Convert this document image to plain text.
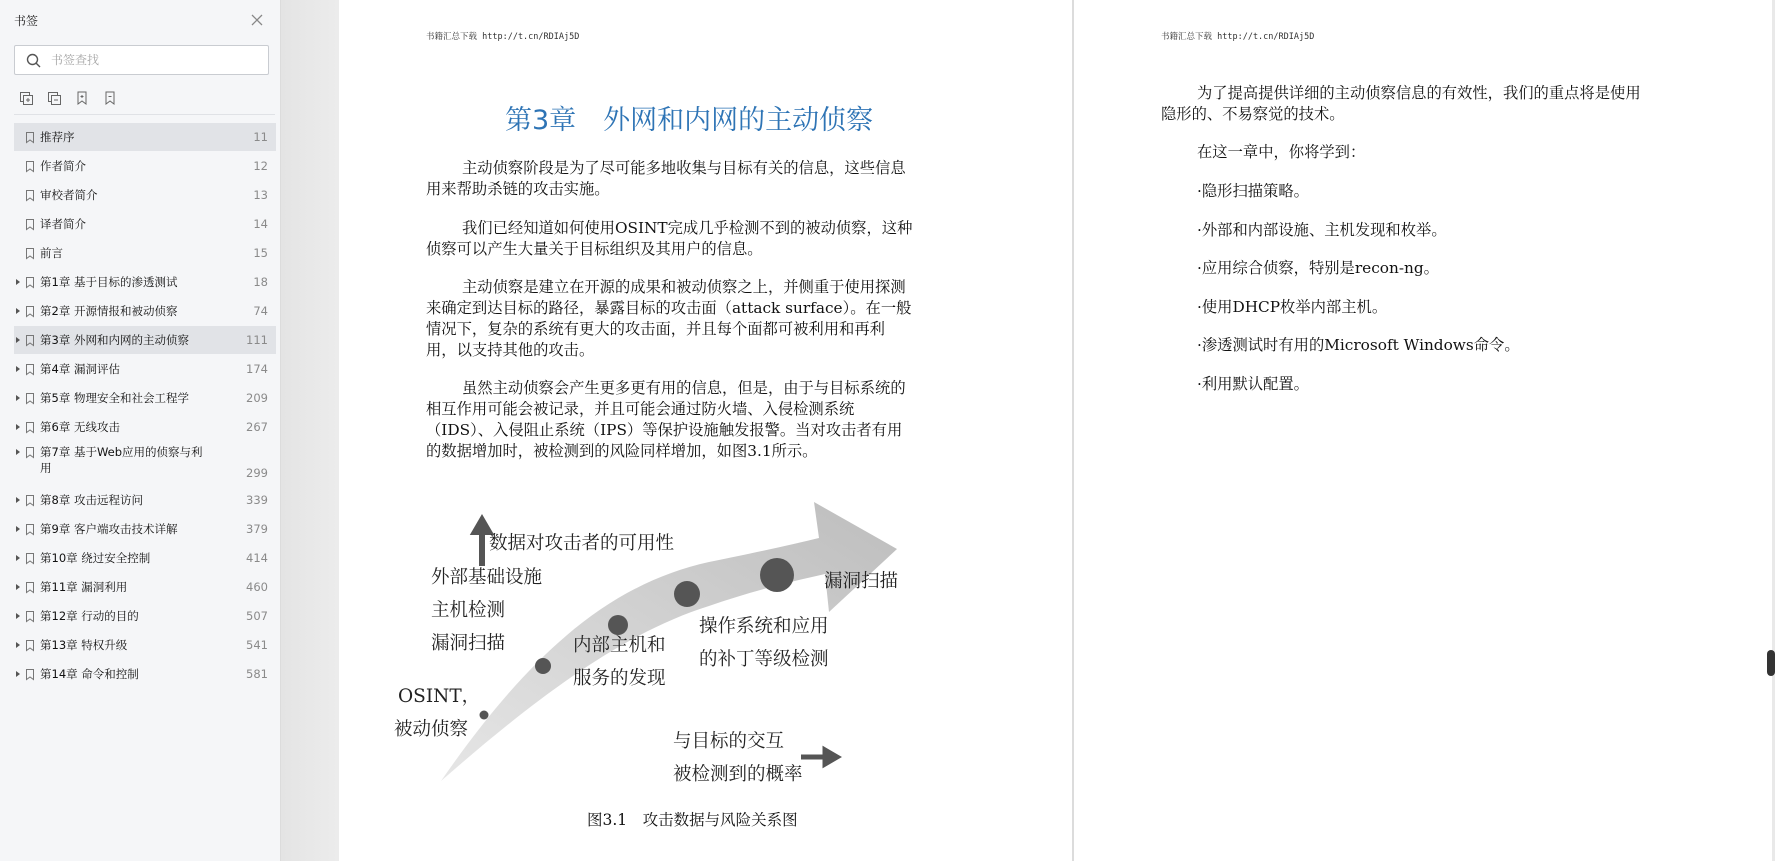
书签
书签查找
推荐序	11
作者简介	12
审校者简介	13
译者简介	14
前言	15
第1章 基于目标的渗透测试	18
第2章 开源情报和被动侦察	74
第3章 外网和内网的主动侦察	111
第4章 漏洞评估	174
第5章 物理安全和社会工程学	209
第6章 无线攻击	267
第7章 基于Web应用的侦察与利用	299
第8章 攻击远程访问	339
第9章 客户端攻击技术详解	379
第10章 绕过安全控制	414
第11章 漏洞利用	460
第12章 行动的目的	507
第13章 特权升级	541
第14章 命令和控制	581
书籍汇总下载 http://t.cn/RDIAj5D
第3章　外网和内网的主动侦察
主动侦察阶段是为了尽可能多地收集与目标有关的信息，这些信息
用来帮助杀链的攻击实施。
我们已经知道如何使用OSINT完成几乎检测不到的被动侦察，这种
侦察可以产生大量关于目标组织及其用户的信息。
主动侦察是建立在开源的成果和被动侦察之上，并侧重于使用探测
来确定到达目标的路径，暴露目标的攻击面（attack surface）。在一般
情况下，复杂的系统有更大的攻击面，并且每个面都可被利用和再利
用，以支持其他的攻击。
虽然主动侦察会产生更多更有用的信息，但是，由于与目标系统的
相互作用可能会被记录，并且可能会通过防火墙、入侵检测系统
（IDS）、入侵阻止系统（IPS）等保护设施触发报警。当对攻击者有用
的数据增加时，被检测到的风险同样增加，如图3.1所示。
数据对攻击者的可用性
外部基础设施
主机检测
漏洞扫描
OSINT，
被动侦察
内部主机和
服务的发现
操作系统和应用
的补丁等级检测
漏洞扫描
与目标的交互
被检测到的概率
图3.1　攻击数据与风险关系图
书籍汇总下载 http://t.cn/RDIAj5D
为了提高提供详细的主动侦察信息的有效性，我们的重点将是使用
隐形的、不易察觉的技术。
在这一章中，你将学到：
·隐形扫描策略。
·外部和内部设施、主机发现和枚举。
·应用综合侦察，特别是recon-ng。
·使用DHCP枚举内部主机。
·渗透测试时有用的Microsoft Windows命令。
·利用默认配置。
